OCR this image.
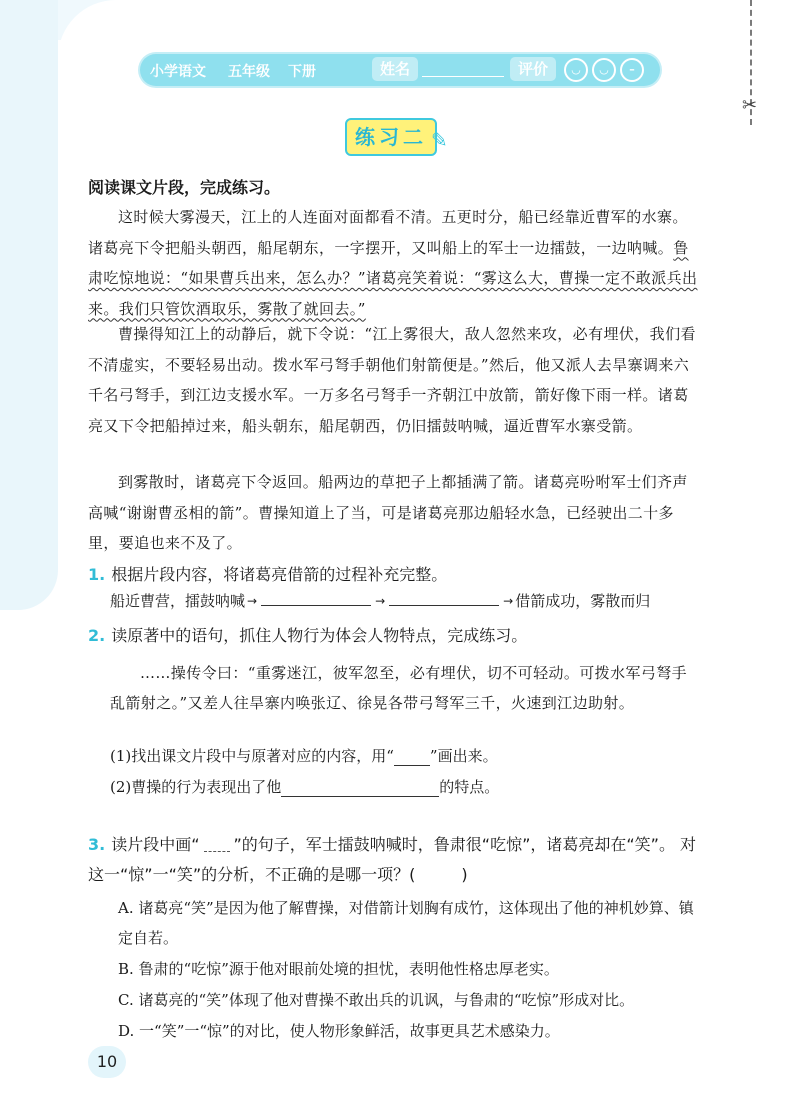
✂
小学语文 五年级 下册	姓名	评价	◡	◡	–
练习二 ✎
阅读课文片段，完成练习。
这时候大雾漫天，江上的人连面对面都看不清。五更时分，船已经靠近曹军的水寨。诸葛亮下令把船头朝西，船尾朝东，一字摆开，又叫船上的军士一边擂鼓，一边呐喊。鲁肃吃惊地说：“如果曹兵出来，怎么办？”诸葛亮笑着说：“雾这么大，曹操一定不敢派兵出来。我们只管饮酒取乐，雾散了就回去。”
曹操得知江上的动静后，就下令说：“江上雾很大，敌人忽然来攻，必有埋伏，我们看不清虚实，不要轻易出动。拨水军弓弩手朝他们射箭便是。”然后，他又派人去旱寨调来六千名弓弩手，到江边支援水军。一万多名弓弩手一齐朝江中放箭，箭好像下雨一样。诸葛亮又下令把船掉过来，船头朝东，船尾朝西，仍旧擂鼓呐喊，逼近曹军水寨受箭。
到雾散时，诸葛亮下令返回。船两边的草把子上都插满了箭。诸葛亮吩咐军士们齐声高喊“谢谢曹丞相的箭”。曹操知道上了当，可是诸葛亮那边船轻水急，已经驶出二十多里，要追也来不及了。
1. 根据片段内容，将诸葛亮借箭的过程补充完整。
船近曹营，擂鼓呐喊 →	→	→ 借箭成功，雾散而归
2. 读原著中的语句，抓住人物行为体会人物特点，完成练习。
……操传令曰：“重雾迷江，彼军忽至，必有埋伏，切不可轻动。可拨水军弓弩手乱箭射之。”又差人往旱寨内唤张辽、徐晃各带弓弩军三千，火速到江边助射。
(1)找出课文片段中与原著对应的内容，用“ ”画出来。
(2)曹操的行为表现出了他	的特点。
3. 读片段中画“ ”的句子，军士擂鼓呐喊时，鲁肃很“吃惊”，诸葛亮却在“笑”。 对这一“惊”一“笑”的分析，不正确的是哪一项？(	)
A. 诸葛亮“笑”是因为他了解曹操，对借箭计划胸有成竹，这体现出了他的神机妙算、镇定自若。
B. 鲁肃的“吃惊”源于他对眼前处境的担忧，表明他性格忠厚老实。
C. 诸葛亮的“笑”体现了他对曹操不敢出兵的讥讽，与鲁肃的“吃惊”形成对比。
D. 一“笑”一“惊”的对比，使人物形象鲜活，故事更具艺术感染力。
10
